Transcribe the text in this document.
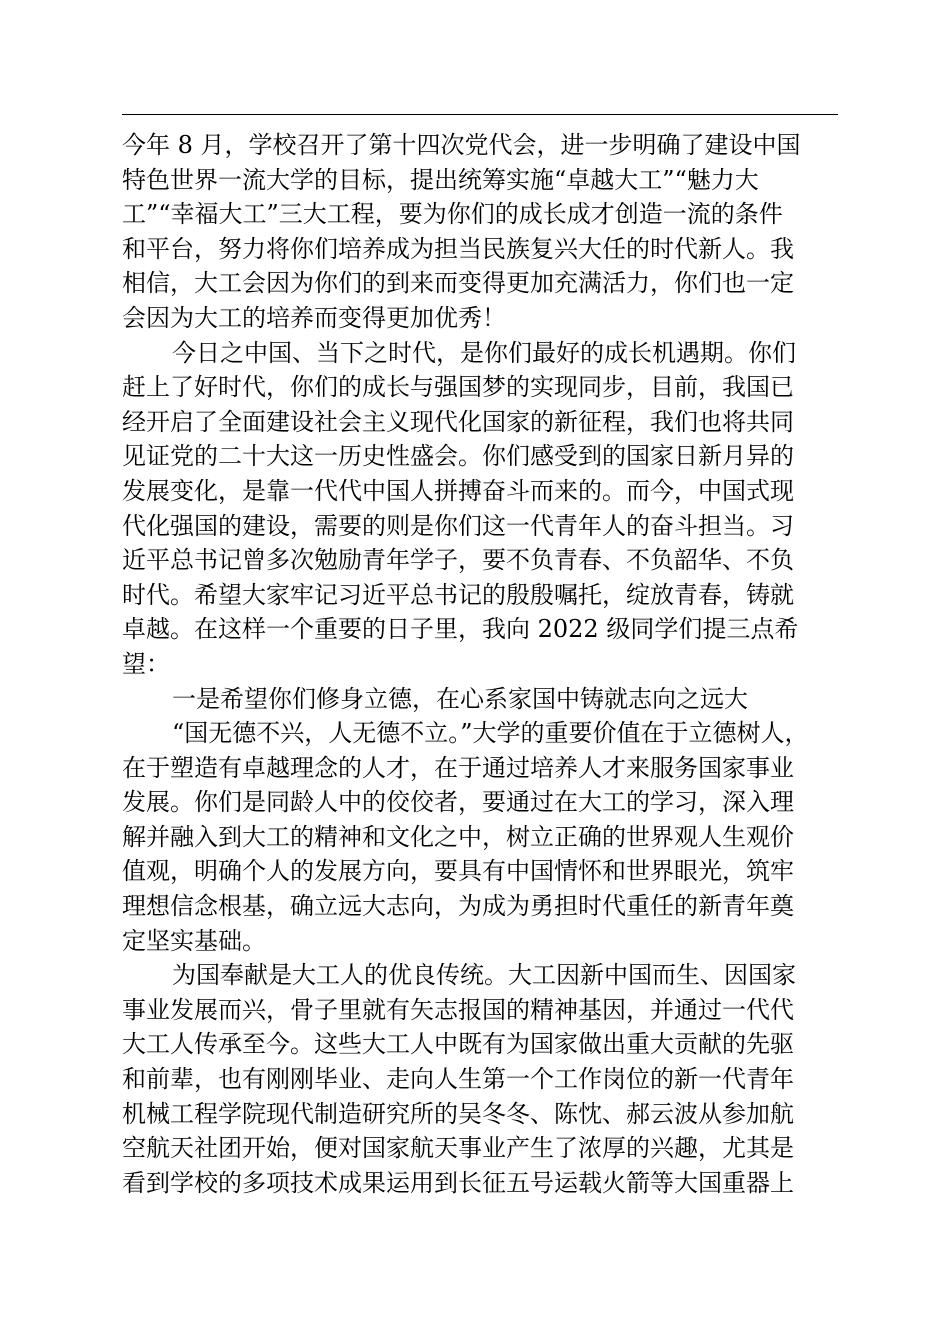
今年 8 月，学校召开了第十四次党代会，进一步明确了建设中国
特色世界一流大学的目标，提出统筹实施“卓越大工”“魅力大
工”“幸福大工”三大工程，要为你们的成长成才创造一流的条件
和平台，努力将你们培养成为担当民族复兴大任的时代新人。我
相信，大工会因为你们的到来而变得更加充满活力，你们也一定
会因为大工的培养而变得更加优秀！
今日之中国、当下之时代，是你们最好的成长机遇期。你们
赶上了好时代，你们的成长与强国梦的实现同步，目前，我国已
经开启了全面建设社会主义现代化国家的新征程，我们也将共同
见证党的二十大这一历史性盛会。你们感受到的国家日新月异的
发展变化，是靠一代代中国人拼搏奋斗而来的。而今，中国式现
代化强国的建设，需要的则是你们这一代青年人的奋斗担当。习
近平总书记曾多次勉励青年学子，要不负青春、不负韶华、不负
时代。希望大家牢记习近平总书记的殷殷嘱托，绽放青春，铸就
卓越。在这样一个重要的日子里，我向 2022 级同学们提三点希
望：
一是希望你们修身立德，在心系家国中铸就志向之远大
“国无德不兴，人无德不立。”大学的重要价值在于立德树人，
在于塑造有卓越理念的人才，在于通过培养人才来服务国家事业
发展。你们是同龄人中的佼佼者，要通过在大工的学习，深入理
解并融入到大工的精神和文化之中，树立正确的世界观人生观价
值观，明确个人的发展方向，要具有中国情怀和世界眼光，筑牢
理想信念根基，确立远大志向，为成为勇担时代重任的新青年奠
定坚实基础。
为国奉献是大工人的优良传统。大工因新中国而生、因国家
事业发展而兴，骨子里就有矢志报国的精神基因，并通过一代代
大工人传承至今。这些大工人中既有为国家做出重大贡献的先驱
和前辈，也有刚刚毕业、走向人生第一个工作岗位的新一代青年
机械工程学院现代制造研究所的吴冬冬、陈忱、郝云波从参加航
空航天社团开始，便对国家航天事业产生了浓厚的兴趣，尤其是
看到学校的多项技术成果运用到长征五号运载火箭等大国重器上
